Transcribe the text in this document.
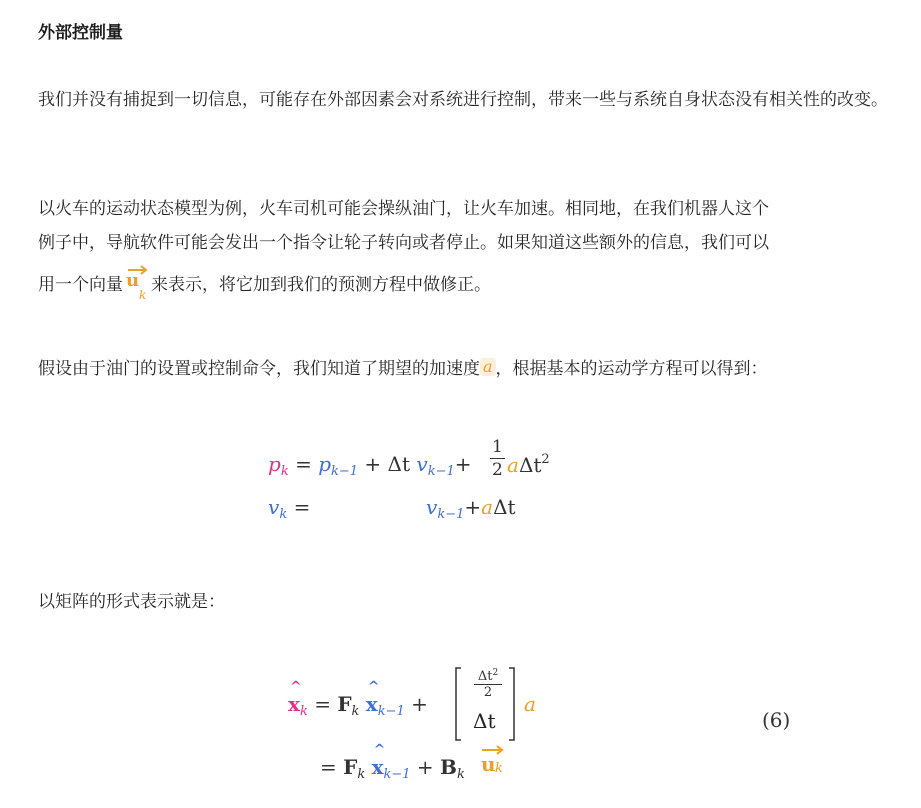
外部控制量
我们并没有捕捉到一切信息，可能存在外部因素会对系统进行控制，带来一些与系统自身状态没有相关性的改变。
以火车的运动状态模型为例，火车司机可能会操纵油门，让火车加速。相同地，在我们机器人这个
例子中，导航软件可能会发出一个指令让轮子转向或者停止。如果知道这些额外的信息，我们可以
用一个向量 u
k 来表示，将它加到我们的预测方程中做修正。
假设由于油门的设置或控制命令，我们知道了期望的加速度 a ，根据基本的运动学方程可以得到：
$p_k = p_{k-1} + \Delta t$ $v_{k-1}+ \frac{1}{2} a\Delta t^2$
$v_k$ =	$v_{k-1}+a\Delta t$
以矩阵的形式表示就是：
x
^
$_k = F_k$ x
^
$_{k-1}$ +
$\frac{\Delta t^2}{2}$
Δt
a
(6)
= $F_k$ x
^
$_{k-1} + B_k$ u k
